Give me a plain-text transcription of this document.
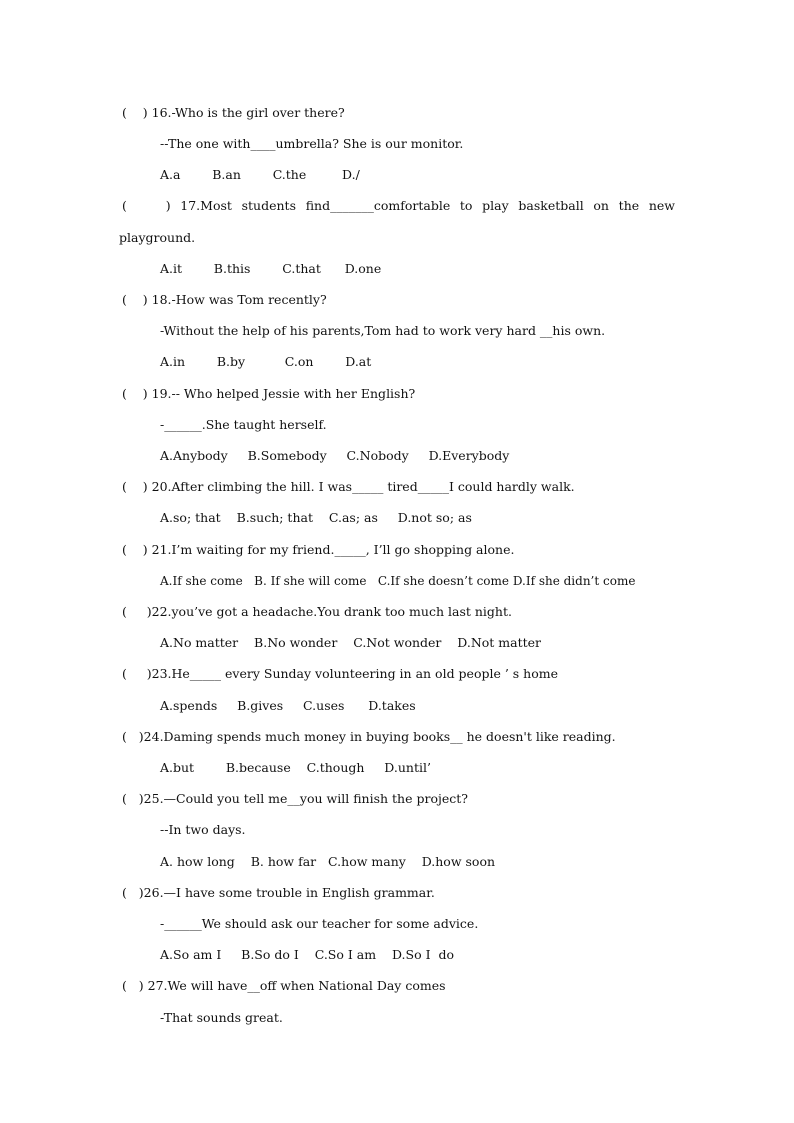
(    ) 16.-Who is the girl over there?
--The one with____umbrella? She is our monitor.
A.a        B.an        C.the         D./
(    ) 17.Most students find_______comfortable to play basketball on the new
playground.
A.it        B.this        C.that      D.one
(    ) 18.-How was Tom recently?
-Without the help of his parents,Tom had to work very hard __his own.
A.in        B.by          C.on        D.at
(    ) 19.-- Who helped Jessie with her English?
-______.She taught herself.
A.Anybody     B.Somebody     C.Nobody     D.Everybody
(    ) 20.After climbing the hill. I was_____ tired_____I could hardly walk.
A.so; that    B.such; that    C.as; as     D.not so; as
(    ) 21.I’m waiting for my friend._____, I’ll go shopping alone.
A.If she come   B. If she will come   C.If she doesn’t come D.If she didn’t come
(     )22.you’ve got a headache.You drank too much last night.
A.No matter    B.No wonder    C.Not wonder    D.Not matter
(     )23.He_____ every Sunday volunteering in an old people ’ s home
A.spends     B.gives     C.uses      D.takes
(   )24.Daming spends much money in buying books__ he doesn't like reading.
A.but        B.because    C.though     D.until’
(   )25.—Could you tell me__you will finish the project?
--In two days.
A. how long    B. how far   C.how many    D.how soon
(   )26.—I have some trouble in English grammar.
-______We should ask our teacher for some advice.
A.So am I     B.So do I    C.So I am    D.So I  do
(   ) 27.We will have__off when National Day comes
-That sounds great.
